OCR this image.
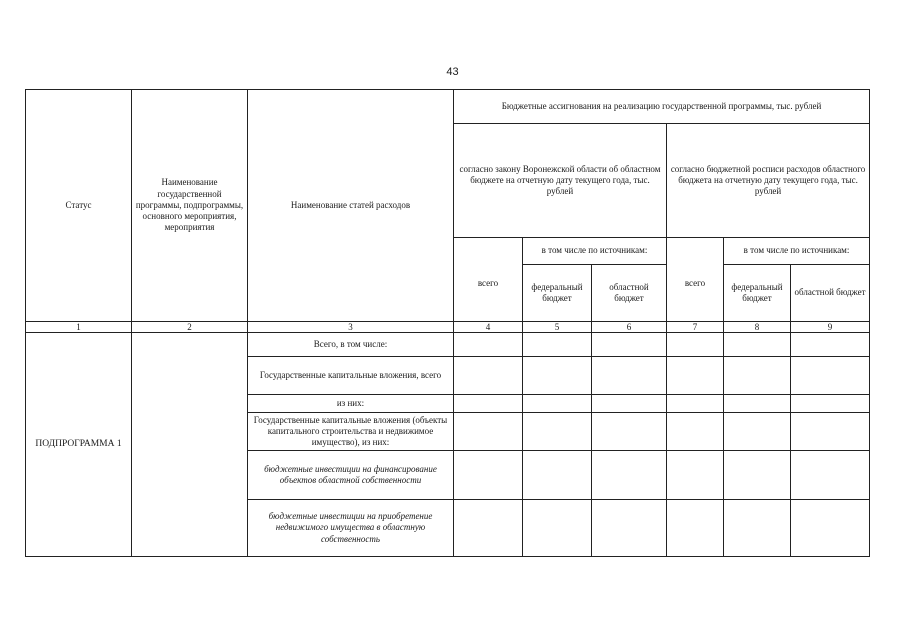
43
Статус	Наименование государственной программы, подпрограммы, основного мероприятия, мероприятия	Наименование статей расходов	Бюджетные ассигнования на реализацию государственной программы, тыс. рублей					
			согласно закону Воронежской области об областном бюджете на отчетную дату текущего года, тыс. рублей			согласно бюджетной росписи расходов областного бюджета на отчетную дату текущего года, тыс. рублей		
			всего	в том числе по источникам:		всего	в том числе по источникам:	
				федеральный бюджет	областной бюджет		федеральный бюджет	областной бюджет
1	2	3	4	5	6	7	8	9
ПОДПРОГРАММА 1		Всего, в том числе:						
		Государственные капитальные вложения, всего						
		из них:						
		Государственные капитальные вложения (объекты капитального строительства и недвижимое имущество), из них:						
		бюджетные инвестиции на финансирование объектов областной собственности						
		бюджетные инвестиции на приобретение недвижимого имущества в областную собственность						
